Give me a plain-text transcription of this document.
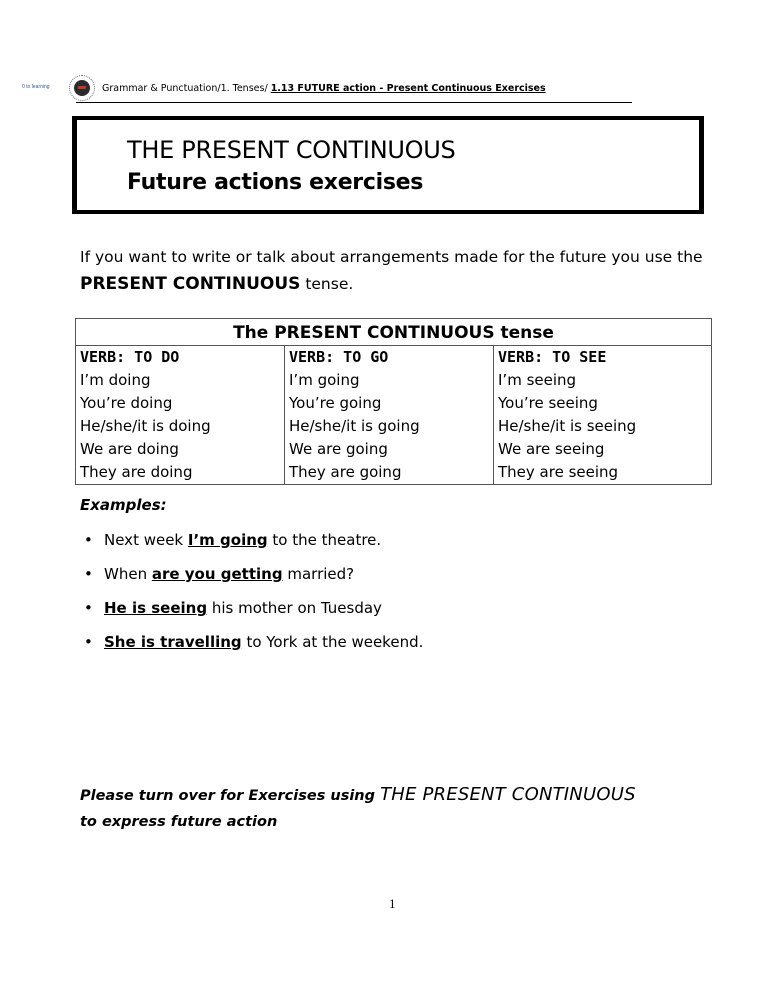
0 to learning	Grammar & Punctuation/1. Tenses/ 1.13 FUTURE action - Present Continuous Exercises
THE PRESENT CONTINUOUS
Future actions exercises
If you want to write or talk about arrangements made for the future you use the PRESENT CONTINUOUS tense.
The PRESENT CONTINUOUS tense		
VERB: TO DO	VERB: TO GO	VERB: TO SEE
I’m doing	I’m going	I’m seeing
You’re doing	You’re going	You’re seeing
He/she/it is doing	He/she/it is going	He/she/it is seeing
We are doing	We are going	We are seeing
They are doing	They are going	They are seeing
Examples:
• Next week I’m going to the theatre.
• When are you getting married?
• He is seeing his mother on Tuesday
• She is travelling to York at the weekend.
Please turn over for Exercises using THE PRESENT CONTINUOUS
to express future action
1
